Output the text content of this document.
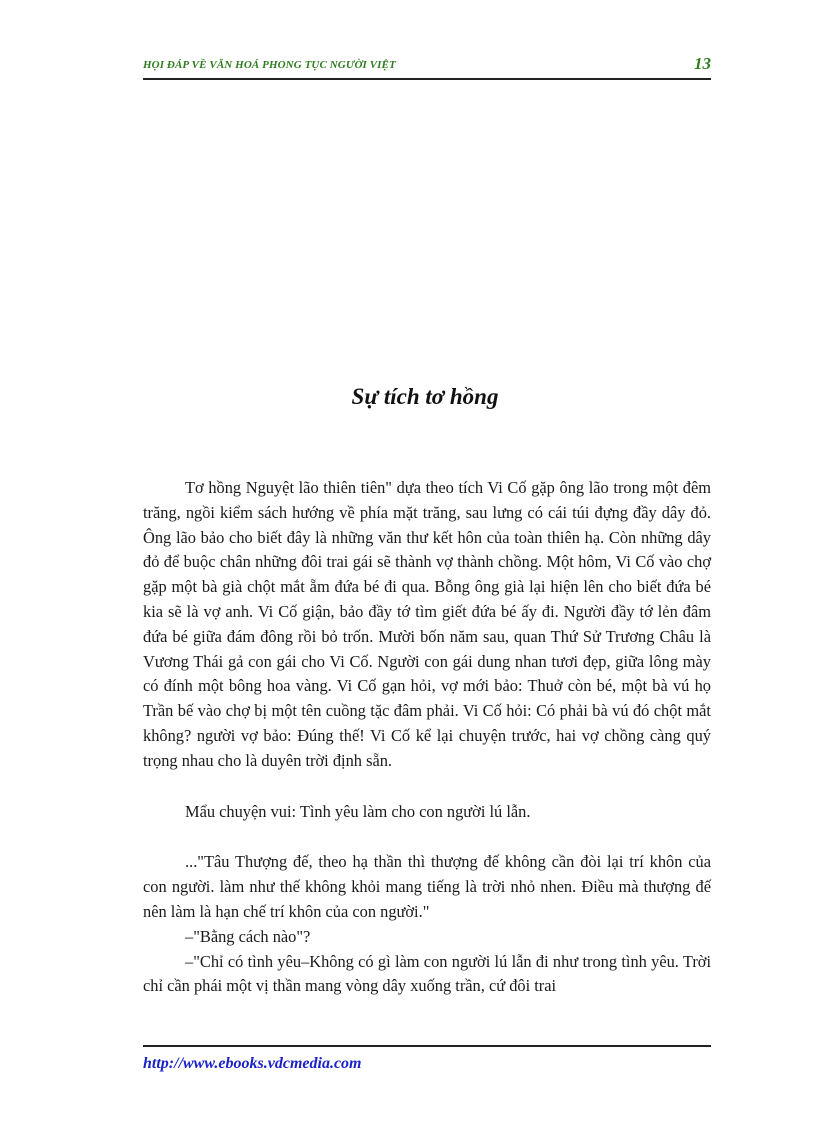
HỌI ĐÁP VỀ VĂN HOÁ PHONG TỤC NGƯỜI VIỆT	13
Sự tích tơ hồng

Tơ hồng Nguyệt lão thiên tiên" dựa theo tích Vi Cố gặp ông lão trong một đêm trăng, ngồi kiểm sách hướng về phía mặt trăng, sau lưng có cái túi đựng đầy dây đỏ. Ông lão bảo cho biết đây là những văn thư kết hôn của toàn thiên hạ. Còn những dây đỏ để buộc chân những đôi trai gái sẽ thành vợ thành chồng. Một hôm, Vi Cố vào chợ gặp một bà già chột mắt ẵm đứa bé đi qua. Bỗng ông già lại hiện lên cho biết đứa bé kia sẽ là vợ anh. Vi Cố giận, bảo đầy tớ tìm giết đứa bé ấy đi. Người đầy tớ lẻn đâm đứa bé giữa đám đông rồi bỏ trốn. Mười bốn năm sau, quan Thứ Sử Trương Châu là Vương Thái gả con gái cho Vi Cố. Người con gái dung nhan tươi đẹp, giữa lông mày có đính một bông hoa vàng. Vi Cố gạn hỏi, vợ mới bảo: Thuở còn bé, một bà vú họ Trần bế vào chợ bị một tên cuồng tặc đâm phải. Vi Cố hỏi: Có phải bà vú đó chột mắt không? người vợ bảo: Đúng thế! Vi Cố kể lại chuyện trước, hai vợ chồng càng quý trọng nhau cho là duyên trời định sẵn.

Mẩu chuyện vui: Tình yêu làm cho con người lú lẫn.

..."Tâu Thượng đế, theo hạ thần thì thượng đế không cần đòi lại trí khôn của con người. làm như thế không khỏi mang tiếng là trời nhỏ nhen. Điều mà thượng đế nên làm là hạn chế trí khôn của con người."

–"Bằng cách nào"?

–"Chỉ có tình yêu–Không có gì làm con người lú lẫn đi như trong tình yêu. Trời chỉ cần phái một vị thần mang vòng dây xuống trần, cứ đôi trai

http://www.ebooks.vdcmedia.com
